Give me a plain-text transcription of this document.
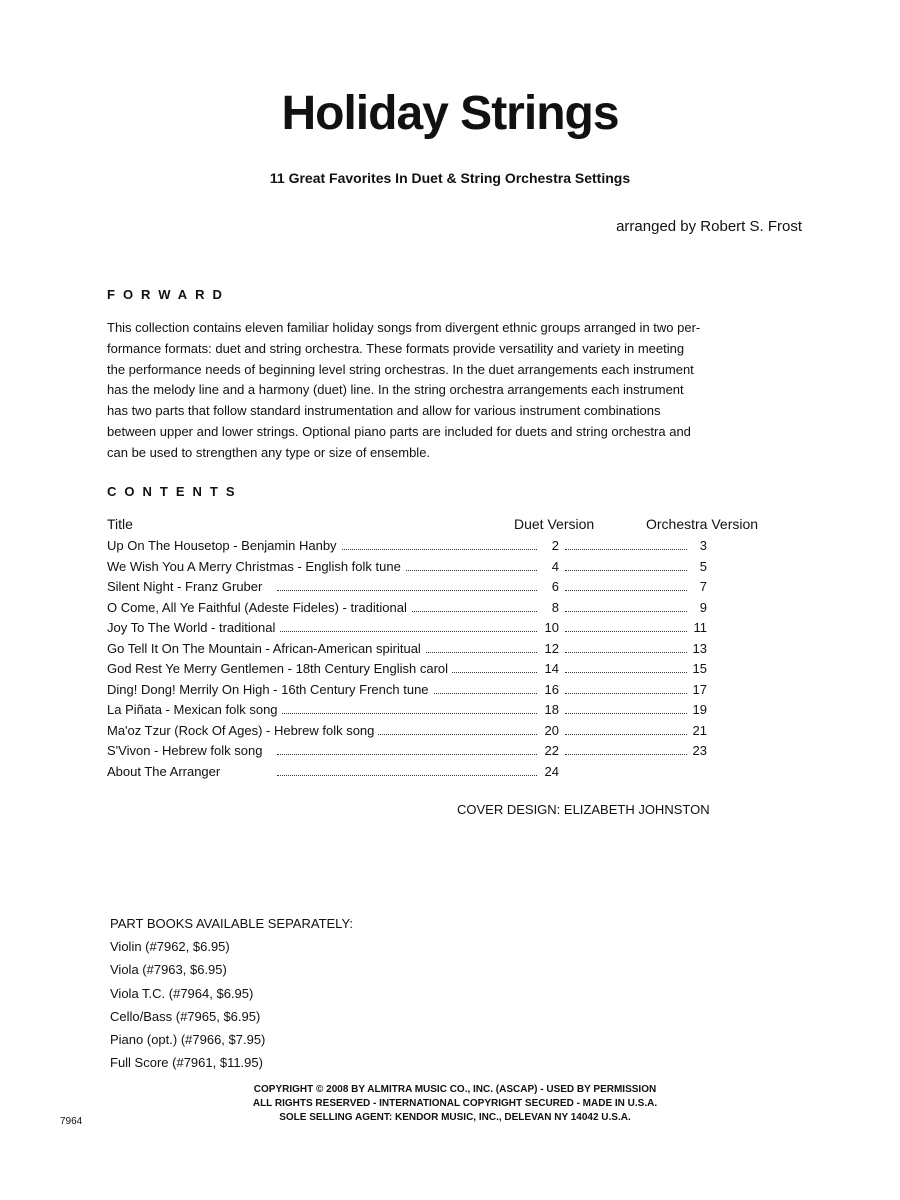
Holiday Strings
11 Great Favorites In Duet & String Orchestra Settings
arranged by Robert S. Frost
FORWARD
This collection contains eleven familiar holiday songs from divergent ethnic groups arranged in two per-
formance formats: duet and string orchestra. These formats provide versatility and variety in meeting
the performance needs of beginning level string orchestras. In the duet arrangements each instrument
has the melody line and a harmony (duet) line. In the string orchestra arrangements each instrument
has two parts that follow standard instrumentation and allow for various instrument combinations
between upper and lower strings. Optional piano parts are included for duets and string orchestra and
can be used to strengthen any type or size of ensemble.
CONTENTS
Title	Duet Version	Orchestra Version
Up On The Housetop - Benjamin Hanby	2	3
We Wish You A Merry Christmas - English folk tune	4	5
Silent Night - Franz Gruber	6	7
O Come, All Ye Faithful (Adeste Fideles) - traditional	8	9
Joy To The World - traditional	10	11
Go Tell It On The Mountain - African-American spiritual	12	13
God Rest Ye Merry Gentlemen - 18th Century English carol	14	15
Ding! Dong! Merrily On High - 16th Century French tune	16	17
La Piñata - Mexican folk song	18	19
Ma'oz Tzur (Rock Of Ages) - Hebrew folk song	20	21
S'Vivon - Hebrew folk song	22	23
About The Arranger	24
COVER DESIGN: ELIZABETH JOHNSTON
PART BOOKS AVAILABLE SEPARATELY:
Violin (#7962, $6.95)
Viola (#7963, $6.95)
Viola T.C. (#7964, $6.95)
Cello/Bass (#7965, $6.95)
Piano (opt.) (#7966, $7.95)
Full Score (#7961, $11.95)
COPYRIGHT © 2008 BY ALMITRA MUSIC CO., INC. (ASCAP) - USED BY PERMISSION
ALL RIGHTS RESERVED - INTERNATIONAL COPYRIGHT SECURED - MADE IN U.S.A.
SOLE SELLING AGENT: KENDOR MUSIC, INC., DELEVAN NY 14042 U.S.A.
7964
